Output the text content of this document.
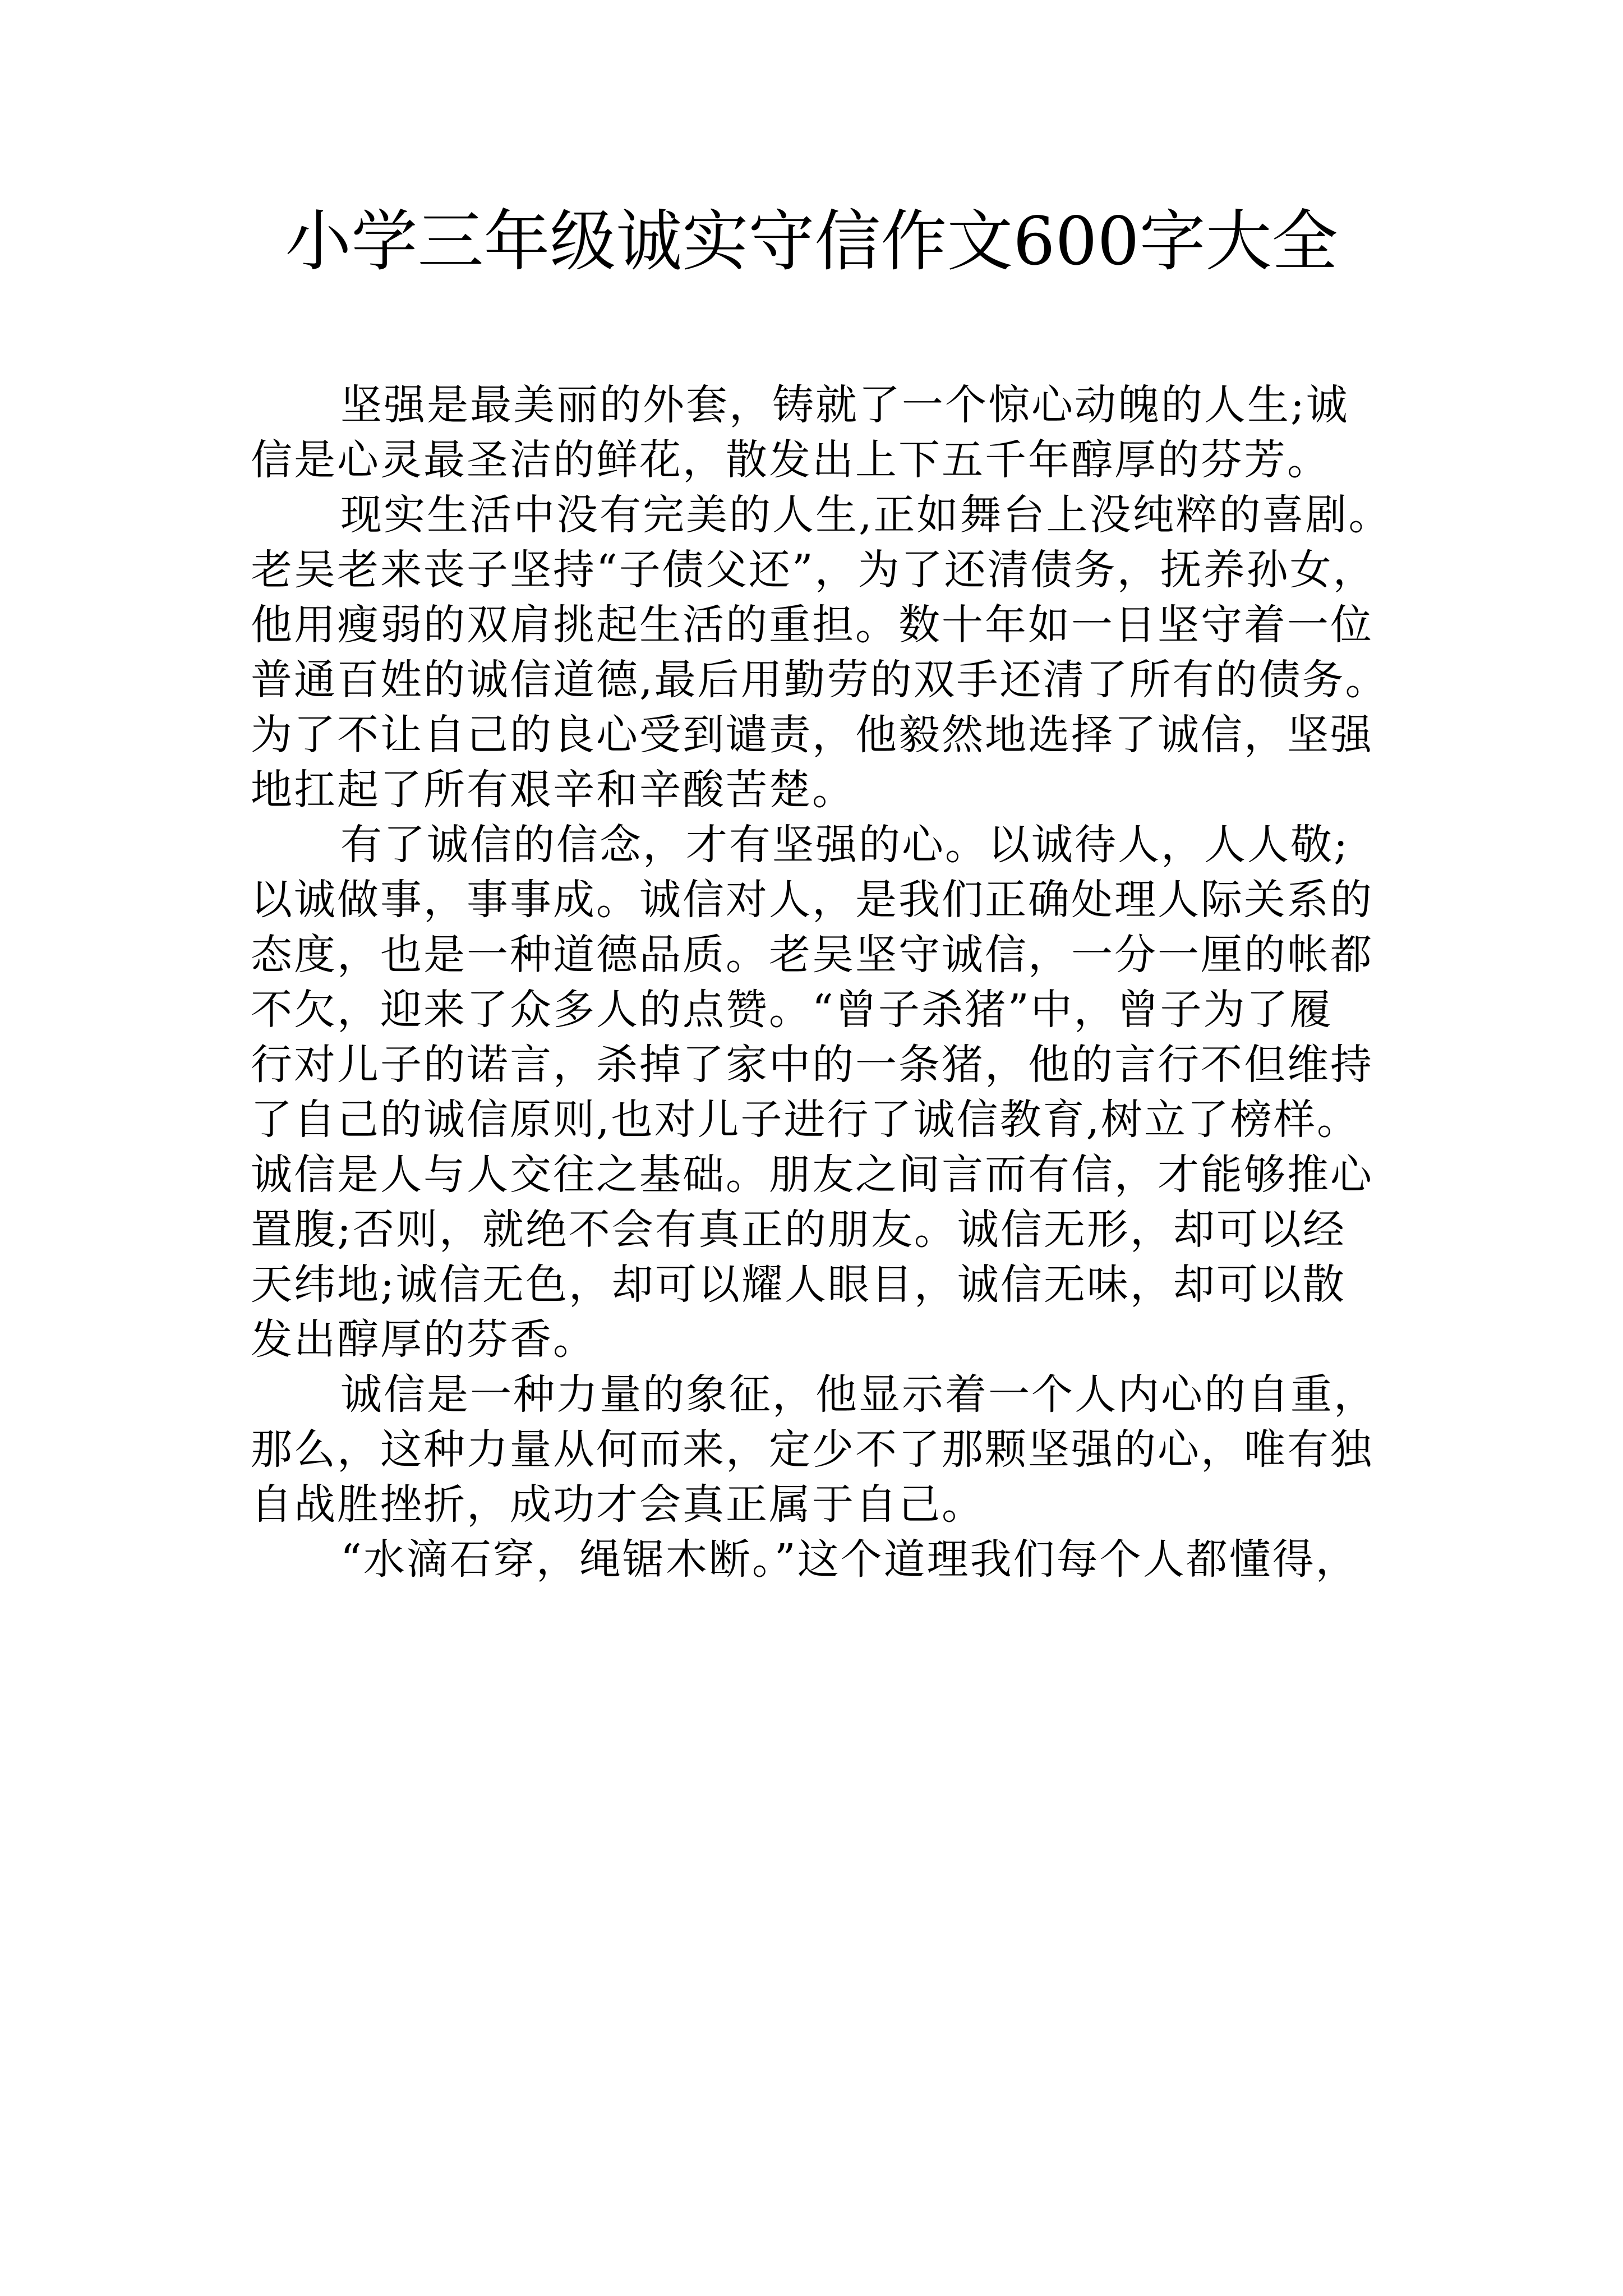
小学三年级诚实守信作文600字大全

坚强是最美丽的外套，铸就了一个惊心动魄的人生;诚
信是心灵最圣洁的鲜花，散发出上下五千年醇厚的芬芳。

现实生活中没有完美的人生,正如舞台上没纯粹的喜剧。
老吴老来丧子坚持“子债父还”，为了还清债务，抚养孙女，
他用瘦弱的双肩挑起生活的重担。数十年如一日坚守着一位
普通百姓的诚信道德,最后用勤劳的双手还清了所有的债务。
为了不让自己的良心受到谴责，他毅然地选择了诚信，坚强
地扛起了所有艰辛和辛酸苦楚。

有了诚信的信念，才有坚强的心。以诚待人，人人敬;
以诚做事，事事成。诚信对人，是我们正确处理人际关系的
态度，也是一种道德品质。老吴坚守诚信，一分一厘的帐都
不欠，迎来了众多人的点赞。“曾子杀猪”中，曾子为了履
行对儿子的诺言，杀掉了家中的一条猪，他的言行不但维持
了自己的诚信原则,也对儿子进行了诚信教育,树立了榜样。
诚信是人与人交往之基础。朋友之间言而有信，才能够推心
置腹;否则，就绝不会有真正的朋友。诚信无形，却可以经
天纬地;诚信无色，却可以耀人眼目，诚信无味，却可以散
发出醇厚的芬香。

诚信是一种力量的象征，他显示着一个人内心的自重，
那么，这种力量从何而来，定少不了那颗坚强的心，唯有独
自战胜挫折，成功才会真正属于自己。

“水滴石穿，绳锯木断。”这个道理我们每个人都懂得，
